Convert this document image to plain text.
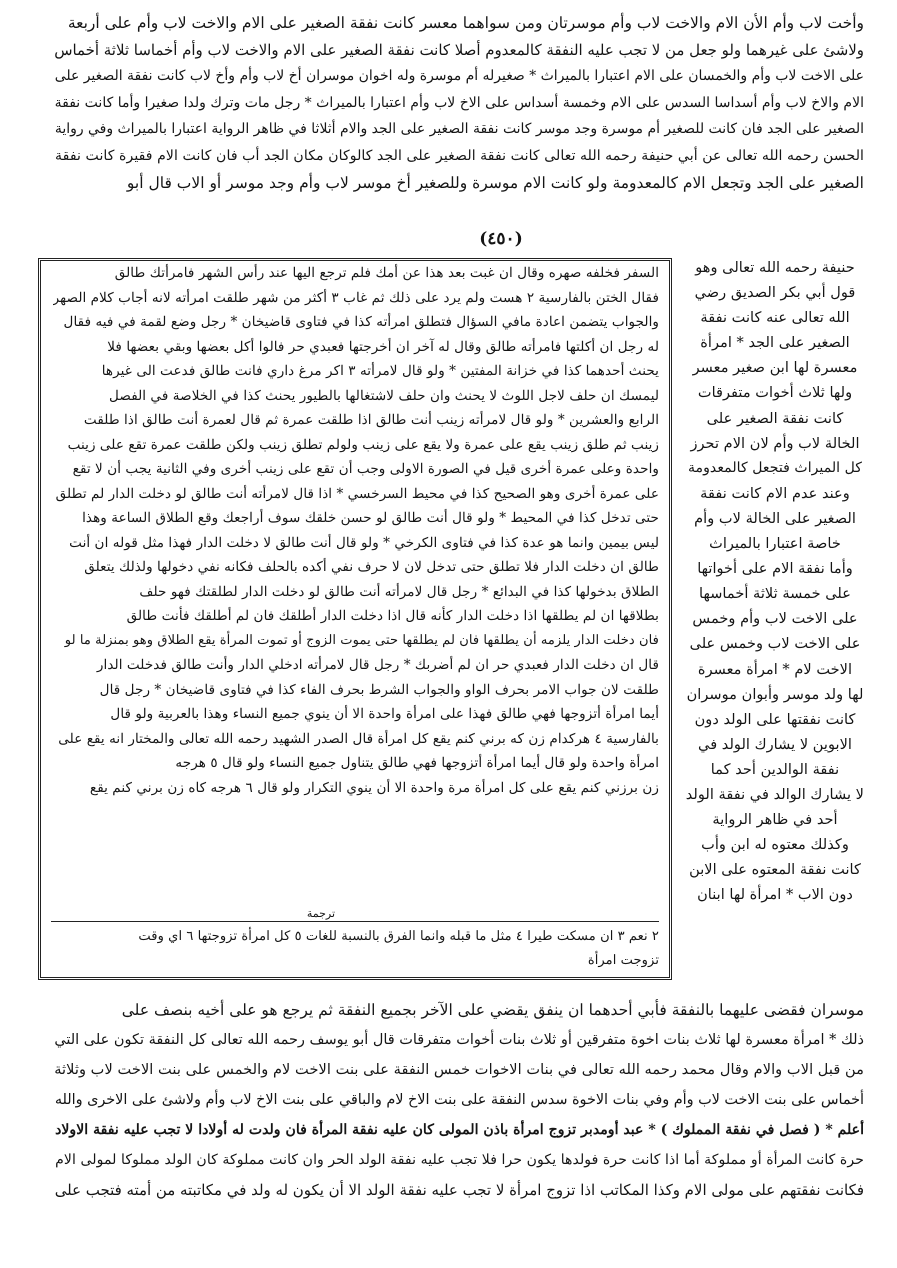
وأخت لاب وأم الأن الام والاخت لاب وأم موسرتان ومن سواهما معسر كانت نفقة الصغير على الام والاخت لاب وأم على أربعة
ولاشئ على غيرهما ولو جعل من لا تجب عليه النفقة كالمعدوم أصلا كانت نفقة الصغير على الام والاخت لاب وأم أخماسا ثلاثة أخماس
على الاخت لاب وأم والخمسان على الام اعتبارا بالميراث * صغيرله أم موسرة وله اخوان موسران أخ لاب وأم وأخ لاب كانت نفقة الصغير على
الام والاخ لاب وأم أسداسا السدس على الام وخمسة أسداس على الاخ لاب وأم اعتبارا بالميراث * رجل مات وترك ولدا صغيرا وأما كانت نفقة
الصغير على الجد فان كانت للصغير أم موسرة وجد موسر كانت نفقة الصغير على الجد والام أثلاثا في ظاهر الرواية اعتبارا بالميراث وفي رواية
الحسن رحمه الله تعالى عن أبي حنيفة رحمه الله تعالى كانت نفقة الصغير على الجد كالوكان مكان الجد أب فان كانت الام فقيرة كانت نفقة
الصغير على الجد وتجعل الام كالمعدومة ولو كانت الام موسرة وللصغير أخ موسر لاب وأم وجد موسر أو الاب قال أبو
(٤٥٠)
السفر فخلفه صهره وقال ان غبت بعد هذا عن أمك فلم ترجع اليها عند رأس الشهر فامرأتك طالق
فقال الختن بالفارسية ٢ هست ولم يرد على ذلك ثم غاب ٣ أكثر من شهر طلقت امرأته لانه أجاب كلام الصهر
والجواب يتضمن اعادة مافي السؤال فتطلق امرأته كذا في فتاوى قاضيخان * رجل وضع لقمة في فيه فقال
له رجل ان أكلتها فامرأته طالق وقال له آخر ان أخرجتها فعبدي حر فالوا أكل بعضها وبقي بعضها فلا
يحنث أحدهما كذا في خزانة المفتين * ولو قال لامرأته ٣ اكر مرغ داري فانت طالق فدعت الى غيرها
ليمسك ان حلف لاجل اللوث لا يحنث وان حلف لاشتغالها بالطيور يحنث كذا في الخلاصة في الفصل
الرابع والعشرين * ولو قال لامرأته زينب أنت طالق اذا طلقت عمرة ثم قال لعمرة أنت طالق اذا طلقت
زينب ثم طلق زينب يقع على عمرة ولا يقع على زينب ولولم تطلق زينب ولكن طلقت عمرة تقع على زينب
واحدة وعلى عمرة أخرى قيل في الصورة الاولى وجب أن تقع على زينب أخرى وفي الثانية يجب أن لا تقع
على عمرة أخرى وهو الصحيح كذا في محيط السرخسي * اذا قال لامرأته أنت طالق لو دخلت الدار لم تطلق
حتى تدخل كذا في المحيط * ولو قال أنت طالق لو حسن خلقك سوف أراجعك وقع الطلاق الساعة وهذا
ليس بيمين وانما هو عدة كذا في فتاوى الكرخي * ولو قال أنت طالق لا دخلت الدار فهذا مثل قوله ان أنت
طالق ان دخلت الدار فلا تطلق حتى تدخل لان لا حرف نفي أكده بالحلف فكانه نفي دخولها ولذلك يتعلق
الطلاق بدخولها كذا في البدائع * رجل قال لامرأته أنت طالق لو دخلت الدار لطلقتك فهو حلف
بطلاقها ان لم يطلقها اذا دخلت الدار كأنه قال اذا دخلت الدار أطلقك فان لم أطلقك فأنت طالق
فان دخلت الدار يلزمه أن يطلقها فان لم يطلقها حتى يموت الزوج أو تموت المرأة يقع الطلاق وهو بمنزلة ما لو
قال ان دخلت الدار فعبدي حر ان لم أضربك * رجل قال لامرأته ادخلي الدار وأنت طالق فدخلت الدار
طلقت لان جواب الامر بحرف الواو والجواب الشرط بحرف الفاء كذا في فتاوى قاضيخان * رجل قال
أيما امرأة أتزوجها فهي طالق فهذا على امرأة واحدة الا أن ينوي جميع النساء وهذا بالعربية ولو قال
بالفارسية ٤ هركدام زن كه برني كنم يقع كل امرأة قال الصدر الشهيد رحمه الله تعالى والمختار انه يقع على
امرأة واحدة ولو قال أيما امرأة أتزوجها فهي طالق يتناول جميع النساء ولو قال ٥ هرجه
زن برزني كنم يقع على كل امرأة مرة واحدة الا أن ينوي التكرار ولو قال ٦ هرجه كاه زن برني كنم يقع
ترجمة
٢ نعم ٣ ان مسكت طيرا ٤ مثل ما قبله وانما الفرق بالنسبة للغات ٥ كل امرأة تزوجتها ٦ اي وقت
تزوجت امرأة
حنيفة رحمه الله تعالى وهو
قول أبي بكر الصديق رضي
الله تعالى عنه كانت نفقة
الصغير على الجد * امرأة
معسرة لها ابن صغير معسر
ولها ثلاث أخوات متفرقات
كانت نفقة الصغير على
الخالة لاب وأم لان الام تحرز
كل الميراث فتجعل كالمعدومة
وعند عدم الام كانت نفقة
الصغير على الخالة لاب وأم
خاصة اعتبارا بالميراث
وأما نفقة الام على أخواتها
على خمسة ثلاثة أخماسها
على الاخت لاب وأم وخمس
على الاخت لاب وخمس على
الاخت لام * امرأة معسرة
لها ولد موسر وأبوان موسران
كانت نفقتها على الولد دون
الابوين لا يشارك الولد في
نفقة الوالدين أحد كما
لا يشارك الوالد في نفقة الولد
أحد في ظاهر الرواية
وكذلك معتوه له ابن وأب
كانت نفقة المعتوه على الابن
دون الاب * امرأة لها ابنان
موسران فقضى عليهما بالنفقة فأبي أحدهما ان ينفق يقضي على الآخر بجميع النفقة ثم يرجع هو على أخيه بنصف على
ذلك * امرأة معسرة لها ثلاث بنات اخوة متفرقين أو ثلاث بنات أخوات متفرقات قال أبو يوسف رحمه الله تعالى كل النفقة تكون على التي
من قبل الاب والام وقال محمد رحمه الله تعالى في بنات الاخوات خمس النفقة على بنت الاخت لام والخمس على بنت الاخت لاب وثلاثة
أخماس على بنت الاخت لاب وأم وفي بنات الاخوة سدس النفقة على بنت الاخ لام والباقي على بنت الاخ لاب وأم ولاشئ على الاخرى والله
أعلم * ( فصل في نفقة المملوك ) * عبد أومدبر تزوج امرأة باذن المولى كان عليه نفقة المرأة فان ولدت له أولادا لا تجب عليه نفقة الاولاد
حرة كانت المرأة أو مملوكة أما اذا كانت حرة فولدها يكون حرا فلا تجب عليه نفقة الولد الحر وان كانت مملوكة كان الولد مملوكا لمولى الام
فكانت نفقتهم على مولى الام وكذا المكاتب اذا تزوج امرأة لا تجب عليه نفقة الولد الا أن يكون له ولد في مكاتبته من أمته فتجب على
